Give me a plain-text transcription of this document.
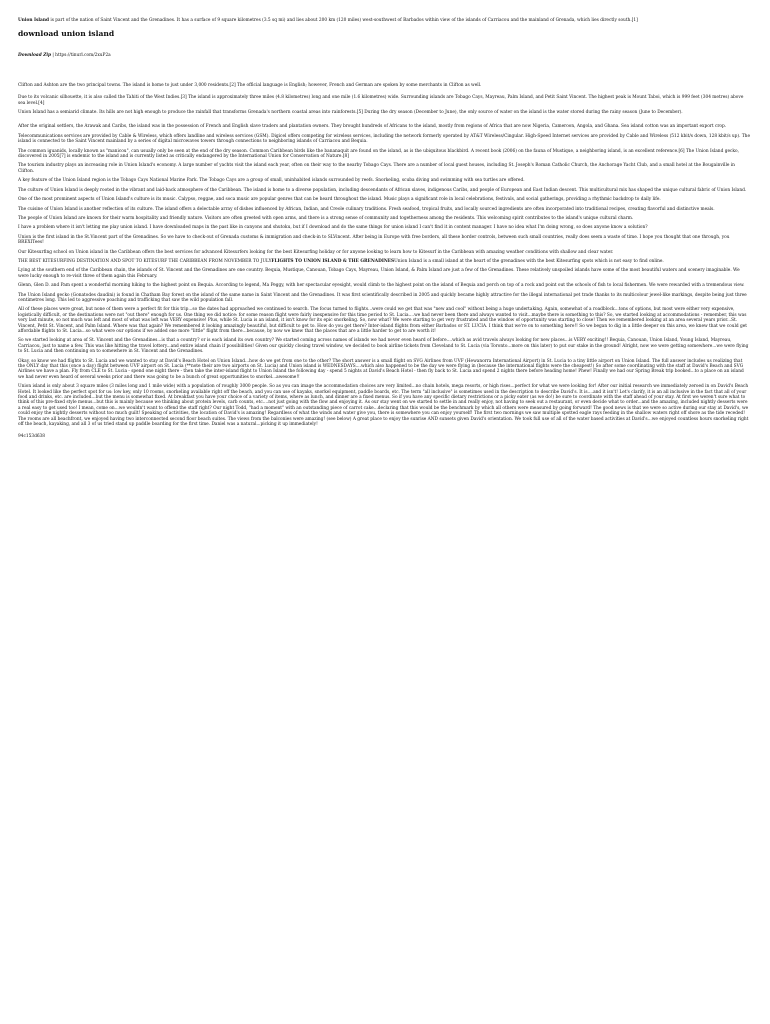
Union Island is part of the nation of Saint Vincent and the Grenadines. It has a surface of 9 square kilometres (3.5 sq mi) and lies about 200 km (120 miles) west-southwest of Barbados within view of the islands of Carriacou and the mainland of Grenada, which lies directly south.[1]

download union island

Download Zip | https://tinurl.com/2xuP2a

Clifton and Ashton are the two principal towns. The island is home to just under 3,000 residents.[2] The official language is English; however, French and German are spoken by some merchants in Clifton as well.

Due to its volcanic silhouette, it is also called the Tahiti of the West Indies.[3] The island is approximately three miles (4.8 kilometres) long and one mile (1.6 kilometres) wide. Surrounding islands are Tobago Cays, Mayreau, Palm Island, and Petit Saint Vincent. The highest peak is Mount Taboi, which is 999 feet (304 metres) above sea level.[4]

Union Island has a semiarid climate. Its hills are not high enough to produce the rainfall that transforms Grenada's northern coastal areas into rainforests.[5] During the dry season (December to June), the only source of water on the island is the water stored during the rainy season (June to December).

After the original settlers, the Arawak and Caribs, the island was in the possession of French and English slave traders and plantation owners. They brought hundreds of Africans to the island, mostly from regions of Africa that are now Nigeria, Cameroon, Angola, and Ghana. Sea island cotton was an important export crop.

Telecommunications services are provided by Cable & Wireless, which offers landline and wireless services (GSM). Digicel offers competing for wireless services, including the network formerly operated by AT&T Wireless/Cingular. High-Speed Internet services are provided by Cable and Wireless (512 kbit/s down, 128 kbit/s up). The island is connected to the Saint Vincent mainland by a series of digital microwaves towers through connections to neighboring islands of Carriacou and Bequia.

The common iguanids, locally known as "manicou", can usually only be seen at the end of the dry season. Common Caribbean birds like the bananaquit are found on the island, as is the ubiquitous blackbird. A recent book (2006) on the fauna of Mustique, a neighboring island, is an excellent reference.[6] The Union Island gecko, discovered in 2005[7] is endemic to the island and is currently listed as critically endangered by the International Union for Conservation of Nature.[8]

The tourism industry plays an increasing role in Union Island's economy. A large number of yachts visit the island each year, often on their way to the nearby Tobago Cays. There are a number of local guest houses, including St. Joseph's Roman Catholic Church, the Anchorage Yacht Club, and a small hotel at the Bougainville in Clifton.

A key feature of the Union Island region is the Tobago Cays National Marine Park. The Tobago Cays are a group of small, uninhabited islands surrounded by reefs. Snorkeling, scuba diving and swimming with sea turtles are offered.

The culture of Union Island is deeply rooted in the vibrant and laid-back atmosphere of the Caribbean. The island is home to a diverse population, including descendants of African slaves, indigenous Caribs, and people of European and East Indian descent. This multicultural mix has shaped the unique cultural fabric of Union Island.

One of the most prominent aspects of Union Island's culture is its music. Calypso, reggae, and soca music are popular genres that can be heard throughout the island. Music plays a significant role in local celebrations, festivals, and social gatherings, providing a rhythmic backdrop to daily life.

The cuisine of Union Island is another reflection of its culture. The island offers a delectable array of dishes influenced by African, Indian, and Creole culinary traditions. Fresh seafood, tropical fruits, and locally sourced ingredients are often incorporated into traditional recipes, creating flavorful and distinctive meals.

The people of Union Island are known for their warm hospitality and friendly nature. Visitors are often greeted with open arms, and there is a strong sense of community and togetherness among the residents. This welcoming spirit contributes to the island's unique cultural charm.

I have a problem where it isn't letting me play union island. I have downloaded maps in the past like in canyons and shutoku, but if I download and do the same things for union island I can't find it in content manager. I have no idea what I'm doing wrong, so does anyone know a solution?

Union is the first island in the St.Vincent part of the Grenadines. So we have to check-out of Grenada customs & immigration and check-in to SLVincent. After being in Europe with free borders, all these border controls, between such small countries, really does seem a waste of time. I hope you thought that one through, you BREXITees!

Our Kitesurfing school on Union island in the Caribbean offers the best services for advanced Kitesurfers looking for the best Kitesurfing holiday or for anyone looking to learn how to Kitesurf in the Caribbean with amazing weather conditions with shallow and clear water.

THE BEST KITESURFING DESTINATION AND SPOT TO KITESURF THE CARIBBEAN FROM NOVEMBER TO JULYFLIGHTS TO UNION ISLAND & THE GRENADINESUnion Island is a small island at the heart of the grenadines with the best Kitesurfing spots which is not easy to find online.

Lying at the southern end of the Caribbean chain, the islands of St. Vincent and the Grenadines are one country. Bequia, Mustique, Canouan, Tobago Cays, Mayreau, Union Island, & Palm Island are just a few of the Grenadines. These relatively unspoiled islands have some of the most beautiful waters and scenery imaginable. We were lucky enough to re-visit three of them again this February.

Glenn, Glen D. and Pam spent a wonderful morning hiking to the highest point on Bequia. According to legend, Ma Peggy, with her spectacular eyesight, would climb to the highest point on the island of Bequia and perch on top of a rock and point out the schools of fish to local fishermen. We were rewarded with a tremendous view.

The Union Island gecko (Gonatodes daudini) is found in Chatham Bay forest on the island of the same name in Saint Vincent and the Grenadines. It was first scientifically described in 2005 and quickly became highly attractive for the illegal international pet trade thanks to its multicolour jewel-like markings, despite being just three centimetres long. This led to aggressive poaching and trafficking that saw the wild population fall.

All of these places were great, but none of them were a perfect fit for this trip...so the dates had approached we continued to search. The focus turned to flights...were could we get that was "new and cool" without being a huge undertaking. Again, somewhat of a roadblock...tons of options, but most were either very expensive, logistically difficult, or the destinations were not "out there" enough for us. One thing we did notice: for some reason flight were fairly inexpensive for this time period to St. Lucia....we had never been there and always wanted to visit...maybe there is something to this? So, we started looking at accommodations - remember, this was very last minute, so not much was left and most of what was left was VERY expensive! Plus, while St. Lucia is an island, it isn't know for its epic snorkeling. So, now what? We were starting to get very frustrated and the window of opportunity was starting to close! Then we remembered looking at an area several years prior...St. Vincent, Petit St. Vincent, and Palm Island. Where was that again? We remembered it looking amazingly beautiful, but difficult to get to. How do you get there? Inter-island flights from either Barbados or ST. LUCIA. I think that we're on to something here!! So we began to dig in a little deeper on this area, we knew that we could get affordable flights to St. Lucia...so what were our options if we added one more "little" flight from there...because, by now we knew that the places that are a little harder to get to are worth it!

So we started looking at area of St. Vincent and the Grenadines...is that a country? or is each island its own country? We started coming across names of islands we had never even heard of before....which as avid travels always looking for new places...is VERY exciting!! Bequia, Canouan, Union Island, Young Island, Mayreau, Carriacou, just to name a few. This was like hitting the travel lottery...and entire island chain if possibilities! Given our quickly closing travel window, we decided to book airline tickets from Cleveland to St. Lucia (via Toronto...more on this later) to put our stake in the ground! Alright, now we were getting somewhere...we were flying to St. Lucia and then continuing on to somewhere in St. Vincent and the Grenadines.

Okay, so know we had flights to St. Lucia and we wanted to stay at David's Beach Hotel on Union Island...how do we get from one to the other? The short answer is a small flight on SVG Airlines from UVF (Hewanorra International Airport) in St. Lucia to a tiny little airport on Union Island. The full answer includes us realizing that the ONLY day that this (once a day) flight between UVF airport on St. Lucia (**note their are two airports on St. Lucia) and Union island is WEDNESDAYS....which also happened to be the day we were flying in (because the international flights were the cheapest!) So after some coordinating with the staff at David's Beach and SVG Airlines we have a plan. Fly from CLE to St. Lucia - spend one night there - then take the inter-island flight to Union Island the following day - spend 5 nights at David's Beach Hotel - then fly back to St. Lucia and spend 2 nights there before heading home! Phew! Finally we had our Spring Break trip booked...to a place on an island we had never even heard of several weeks prior and there was going to be a bunch of great opportunities to snorkel...awesome!!

Union island is only about 3 square miles (3 miles long and 1 mile wide) with a population of roughly 3000 people. So as you can image the accommodation choices are very limited...no chain hotels, mega resorts, or high rises...perfect for what we were looking for! After our initial research we immediately zeroed in on David's Beach Hotel. It looked like the perfect spot for us: low key, only 10 rooms, snorkeling available right off the beach, and you can use of kayaks, snorkel equipment, paddle boards, etc. The term "all inclusive" is sometimes used in the description to describe David's. It is....and it isn't! Let's clarify, it is an all inclusive in the fact that all of your food and drinks, etc. are included...but the menu is somewhat fixed. At breakfast you have your choice of a variety of items, where as lunch, and dinner are a fixed menus. So if you have any specific dietary restrictions or a picky eater (as we do!) be sure to coordinate with the staff ahead of your stay. At first we weren't sure what to think of this pre-fixed style menus...but this is mainly because we thinking about protein levels, carb counts, etc....not just going with the flow and enjoying it. As our stay went on we started to settle in and really enjoy, not having to seek out a restaurant, or even decide what to order...and the amazing, included nightly desserts were a real easy to get used too! I mean, come on...we wouldn't want to offend the staff right? Our night Todd, "had a moment" with an outstanding piece of carrot cake...declaring that this would be the benchmark by which all others were measured by going forward! The good news is that we were so active during our stay at David's, we could enjoy the nightly desserts without too much guilt! Speaking of activities, the location of David's is amazing! Regardless of what the winds and water give you, there is somewhere you can enjoy yourself! The first two mornings we saw multiple spotted eagle rays feeding in the shallow waters right off shore as the tide receded! The rooms are all beachfront, we enjoyed having two interconnected second floor beach suites. The views from the balconies were amazing! (see below) A great place to enjoy the sunrise AND sunsets given David's orientation. We took full use of all of the water based activities at David's...we enjoyed countless hours snorkeling right off the beach, kayaking, and all 3 of us tried stand up paddle boarding for the first time. Daniel was a natural...picking it up immediately!

94c153d638
